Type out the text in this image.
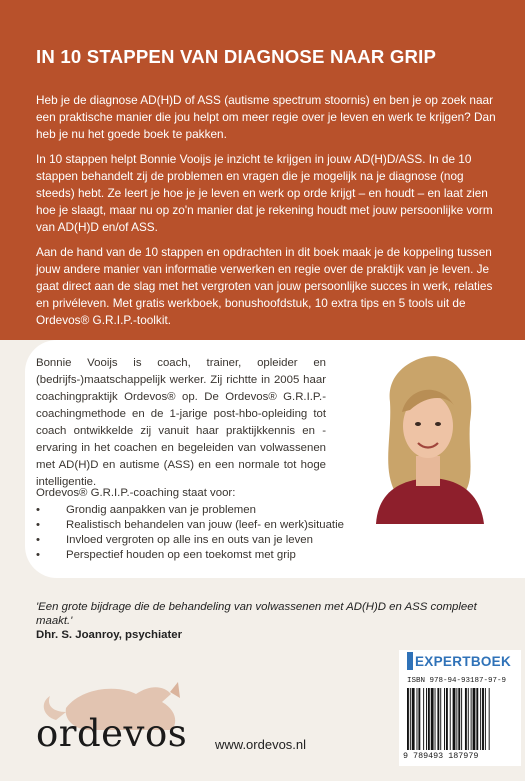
IN 10 STAPPEN VAN DIAGNOSE NAAR GRIP

Heb je de diagnose AD(H)D of ASS (autisme spectrum stoornis) en ben je op zoek naar een praktische manier die jou helpt om meer regie over je leven en werk te krijgen? Dan heb je nu het goede boek te pakken.

In 10 stappen helpt Bonnie Vooijs je inzicht te krijgen in jouw AD(H)D/ASS. In de 10 stappen behandelt zij de problemen en vragen die je mogelijk na je diagnose (nog steeds) hebt. Ze leert je hoe je je leven en werk op orde krijgt – en houdt – en laat zien hoe je slaagt, maar nu op zo'n manier dat je rekening houdt met jouw persoonlijke vorm van AD(H)D en/of ASS.

Aan de hand van de 10 stappen en opdrachten in dit boek maak je de koppeling tussen jouw andere manier van informatie verwerken en regie over de praktijk van je leven. Je gaat direct aan de slag met het vergroten van jouw persoonlijke succes in werk, relaties en privéleven. Met gratis werkboek, bonushoofdstuk, 10 extra tips en 5 tools uit de Ordevos® G.R.I.P.-toolkit.

Bonnie Vooijs is coach, trainer, opleider en (bedrijfs-)maatschappelijk werker. Zij richtte in 2005 haar coachingpraktijk Ordevos® op. De Ordevos® G.R.I.P.-coachingmethode en de 1-jarige post-hbo-opleiding tot coach ontwikkelde zij vanuit haar praktijkkennis en -ervaring in het coachen en begeleiden van volwassenen met AD(H)D en autisme (ASS) en een normale tot hoge intelligentie.

Ordevos® G.R.I.P.-coaching staat voor:

• Grondig aanpakken van je problemen
• Realistisch behandelen van jouw (leef- en werk)situatie
• Invloed vergroten op alle ins en outs van je leven
• Perspectief houden op een toekomst met grip

'Een grote bijdrage die de behandeling van volwassenen met AD(H)D en ASS compleet maakt.'

Dhr. S. Joanroy, psychiater

ordevos www.ordevos.nl
EXPERTBOEK
ISBN 978-94-93187-97-9
9 789493 187979
